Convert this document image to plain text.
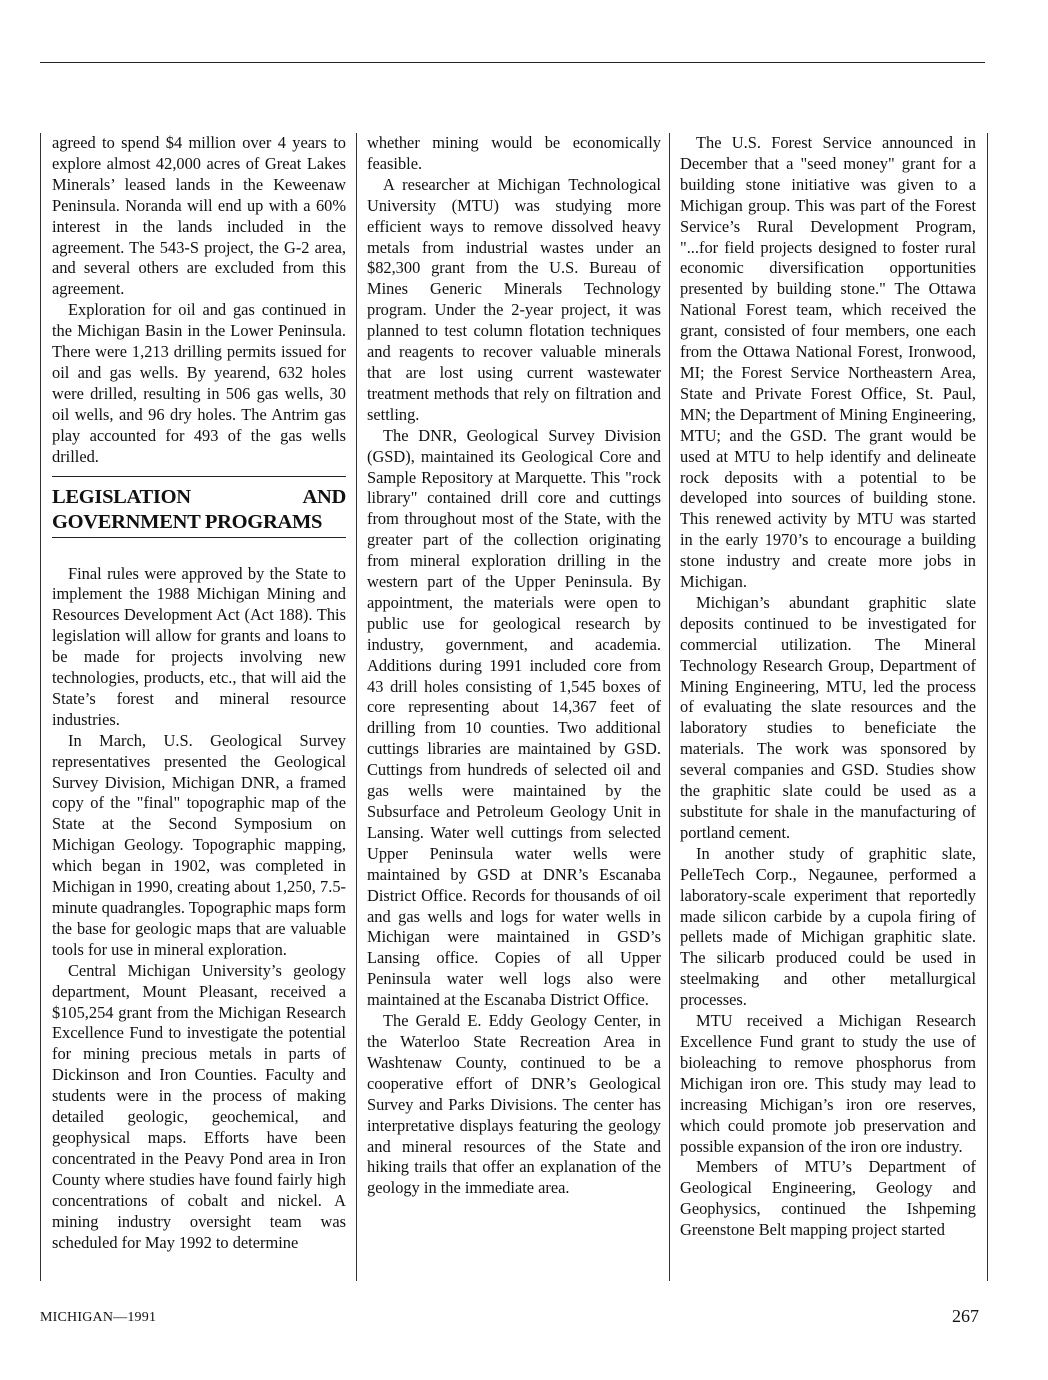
agreed to spend $4 million over 4 years to explore almost 42,000 acres of Great Lakes Minerals’ leased lands in the Keweenaw Peninsula. Noranda will end up with a 60% interest in the lands included in the agreement. The 543-S project, the G-2 area, and several others are excluded from this agreement.

Exploration for oil and gas continued in the Michigan Basin in the Lower Peninsula. There were 1,213 drilling permits issued for oil and gas wells. By yearend, 632 holes were drilled, resulting in 506 gas wells, 30 oil wells, and 96 dry holes. The Antrim gas play accounted for 493 of the gas wells drilled.

LEGISLATION AND GOVERNMENT PROGRAMS

Final rules were approved by the State to implement the 1988 Michigan Mining and Resources Development Act (Act 188). This legislation will allow for grants and loans to be made for projects involving new technologies, products, etc., that will aid the State’s forest and mineral resource industries.

In March, U.S. Geological Survey representatives presented the Geological Survey Division, Michigan DNR, a framed copy of the "final" topographic map of the State at the Second Symposium on Michigan Geology. Topographic mapping, which began in 1902, was completed in Michigan in 1990, creating about 1,250, 7.5-minute quadrangles. Topographic maps form the base for geologic maps that are valuable tools for use in mineral exploration.

Central Michigan University’s geology department, Mount Pleasant, received a $105,254 grant from the Michigan Research Excellence Fund to investigate the potential for mining precious metals in parts of Dickinson and Iron Counties. Faculty and students were in the process of making detailed geologic, geochemical, and geophysical maps. Efforts have been concentrated in the Peavy Pond area in Iron County where studies have found fairly high concentrations of cobalt and nickel. A mining industry oversight team was scheduled for May 1992 to determine

whether mining would be economically feasible.

A researcher at Michigan Technological University (MTU) was studying more efficient ways to remove dissolved heavy metals from industrial wastes under an $82,300 grant from the U.S. Bureau of Mines Generic Minerals Technology program. Under the 2-year project, it was planned to test column flotation techniques and reagents to recover valuable minerals that are lost using current wastewater treatment methods that rely on filtration and settling.

The DNR, Geological Survey Division (GSD), maintained its Geological Core and Sample Repository at Marquette. This "rock library" contained drill core and cuttings from throughout most of the State, with the greater part of the collection originating from mineral exploration drilling in the western part of the Upper Peninsula. By appointment, the materials were open to public use for geological research by industry, government, and academia. Additions during 1991 included core from 43 drill holes consisting of 1,545 boxes of core representing about 14,367 feet of drilling from 10 counties. Two additional cuttings libraries are maintained by GSD. Cuttings from hundreds of selected oil and gas wells were maintained by the Subsurface and Petroleum Geology Unit in Lansing. Water well cuttings from selected Upper Peninsula water wells were maintained by GSD at DNR’s Escanaba District Office. Records for thousands of oil and gas wells and logs for water wells in Michigan were maintained in GSD’s Lansing office. Copies of all Upper Peninsula water well logs also were maintained at the Escanaba District Office.

The Gerald E. Eddy Geology Center, in the Waterloo State Recreation Area in Washtenaw County, continued to be a cooperative effort of DNR’s Geological Survey and Parks Divisions. The center has interpretative displays featuring the geology and mineral resources of the State and hiking trails that offer an explanation of the geology in the immediate area.

The U.S. Forest Service announced in December that a "seed money" grant for a building stone initiative was given to a Michigan group. This was part of the Forest Service’s Rural Development Program, "...for field projects designed to foster rural economic diversification opportunities presented by building stone." The Ottawa National Forest team, which received the grant, consisted of four members, one each from the Ottawa National Forest, Ironwood, MI; the Forest Service Northeastern Area, State and Private Forest Office, St. Paul, MN; the Department of Mining Engineering, MTU; and the GSD. The grant would be used at MTU to help identify and delineate rock deposits with a potential to be developed into sources of building stone. This renewed activity by MTU was started in the early 1970’s to encourage a building stone industry and create more jobs in Michigan.

Michigan’s abundant graphitic slate deposits continued to be investigated for commercial utilization. The Mineral Technology Research Group, Department of Mining Engineering, MTU, led the process of evaluating the slate resources and the laboratory studies to beneficiate the materials. The work was sponsored by several companies and GSD. Studies show the graphitic slate could be used as a substitute for shale in the manufacturing of portland cement.

In another study of graphitic slate, PelleTech Corp., Negaunee, performed a laboratory-scale experiment that reportedly made silicon carbide by a cupola firing of pellets made of Michigan graphitic slate. The silicarb produced could be used in steelmaking and other metallurgical processes.

MTU received a Michigan Research Excellence Fund grant to study the use of bioleaching to remove phosphorus from Michigan iron ore. This study may lead to increasing Michigan’s iron ore reserves, which could promote job preservation and possible expansion of the iron ore industry.

Members of MTU’s Department of Geological Engineering, Geology and Geophysics, continued the Ishpeming Greenstone Belt mapping project started

MICHIGAN—1991	267
